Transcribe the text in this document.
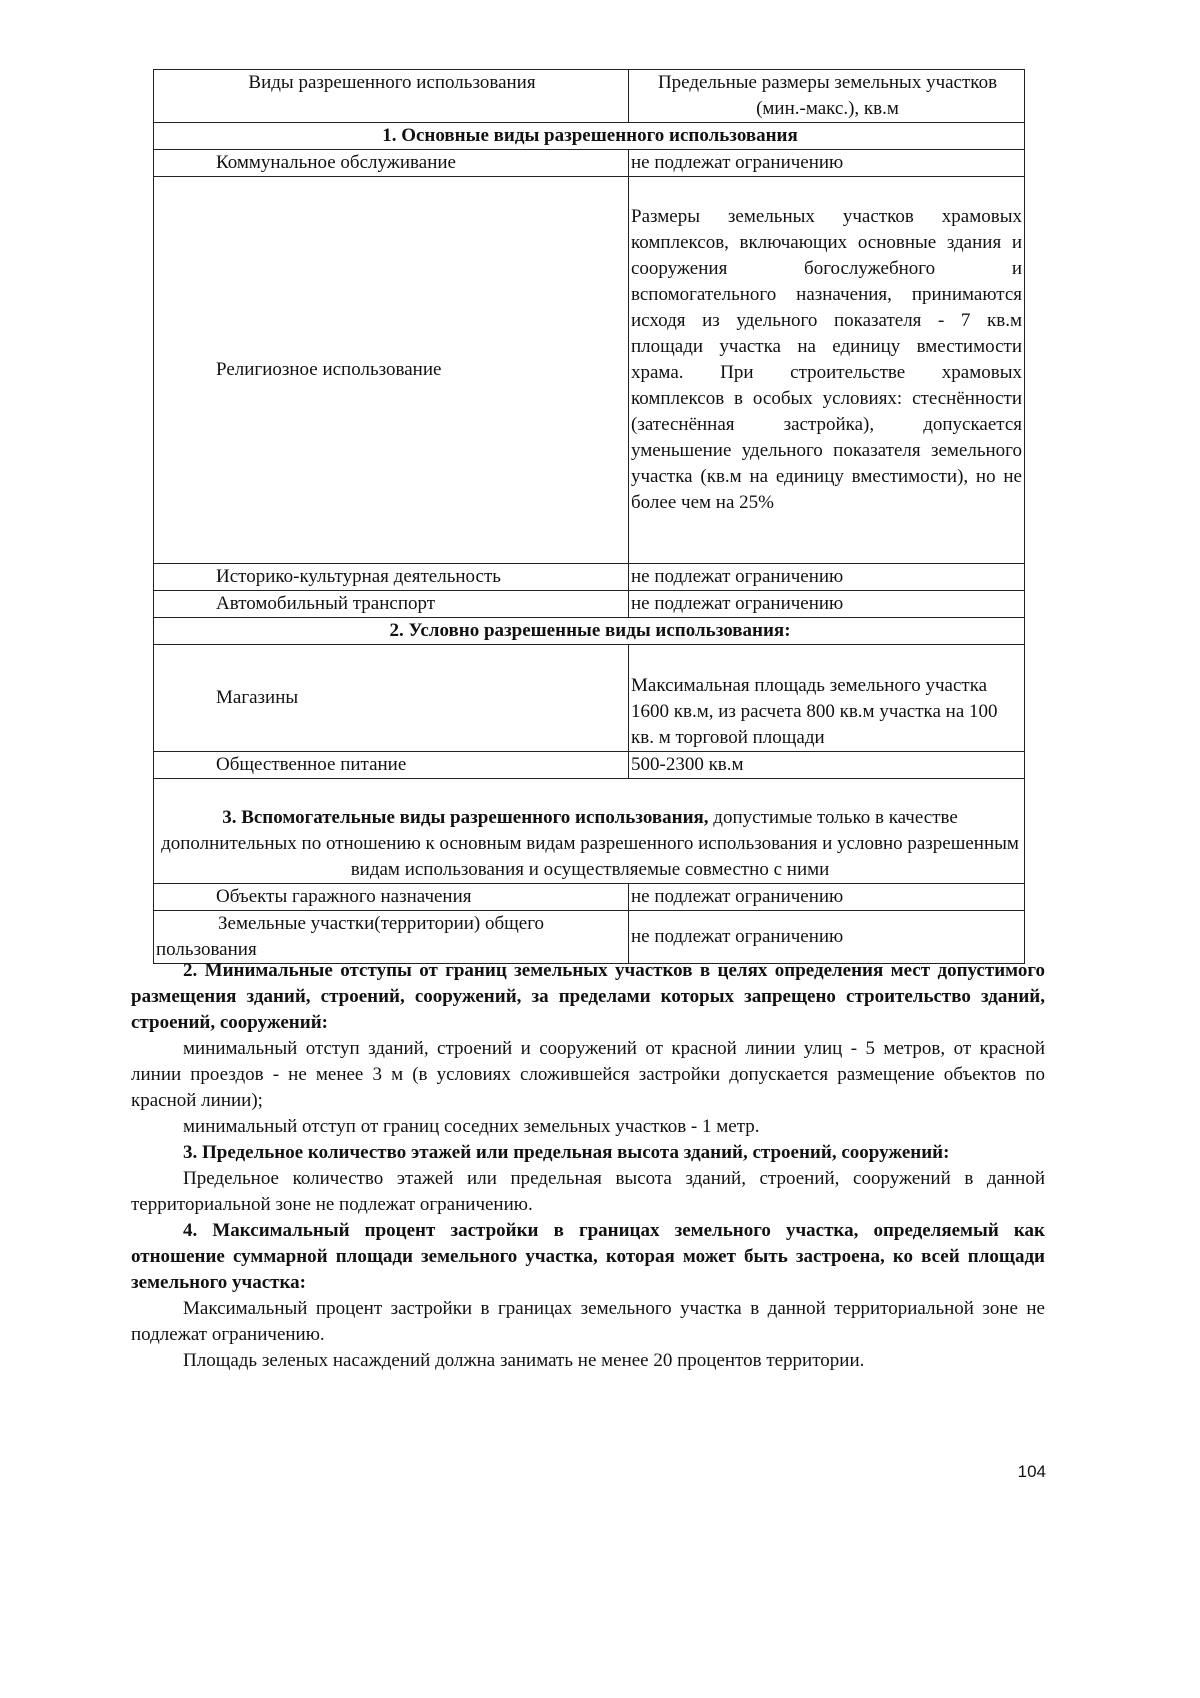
Виды разрешенного использования	Предельные размеры земельных участков (мин.-макс.), кв.м
1. Основные виды разрешенного использования	
Коммунальное обслуживание	не подлежат ограничению
Религиозное использование	Размеры земельных участков храмовых комплексов, включающих основные здания и сооружения богослужебного и вспомогательного назначения, принимаются исходя из удельного показателя - 7 кв.м площади участка на единицу вместимости храма. При строительстве храмовых комплексов в особых условиях: стеснённости (затеснённая застройка), допускается уменьшение удельного показателя земельного участка (кв.м на единицу вместимости), но не более чем на 25%
Историко-культурная деятельность	не подлежат ограничению
Автомобильный транспорт	не подлежат ограничению
2. Условно разрешенные виды использования:	
Магазины	Максимальная площадь земельного участка 1600 кв.м, из расчета 800 кв.м участка на 100 кв. м торговой площади
Общественное питание	500-2300 кв.м
3. Вспомогательные виды разрешенного использования, допустимые только в качестве дополнительных по отношению к основным видам разрешенного использования и условно разрешенным видам использования и осуществляемые совместно с ними	
Объекты гаражного назначения	не подлежат ограничению
Земельные участки(территории) общего пользования	не подлежат ограничению

2. Минимальные отступы от границ земельных участков в целях определения мест допустимого размещения зданий, строений, сооружений, за пределами которых запрещено строительство зданий, строений, сооружений:

минимальный отступ зданий, строений и сооружений от красной линии улиц - 5 метров, от красной линии проездов - не менее 3 м (в условиях сложившейся застройки допускается размещение объектов по красной линии);

минимальный отступ от границ соседних земельных участков - 1 метр.

3. Предельное количество этажей или предельная высота зданий, строений, сооружений:

Предельное количество этажей или предельная высота зданий, строений, сооружений в данной территориальной зоне не подлежат ограничению.

4. Максимальный процент застройки в границах земельного участка, определяемый как отношение суммарной площади земельного участка, которая может быть застроена, ко всей площади земельного участка:

Максимальный процент застройки в границах земельного участка в данной территориальной зоне не подлежат ограничению.

Площадь зеленых насаждений должна занимать не менее 20 процентов территории.

104
